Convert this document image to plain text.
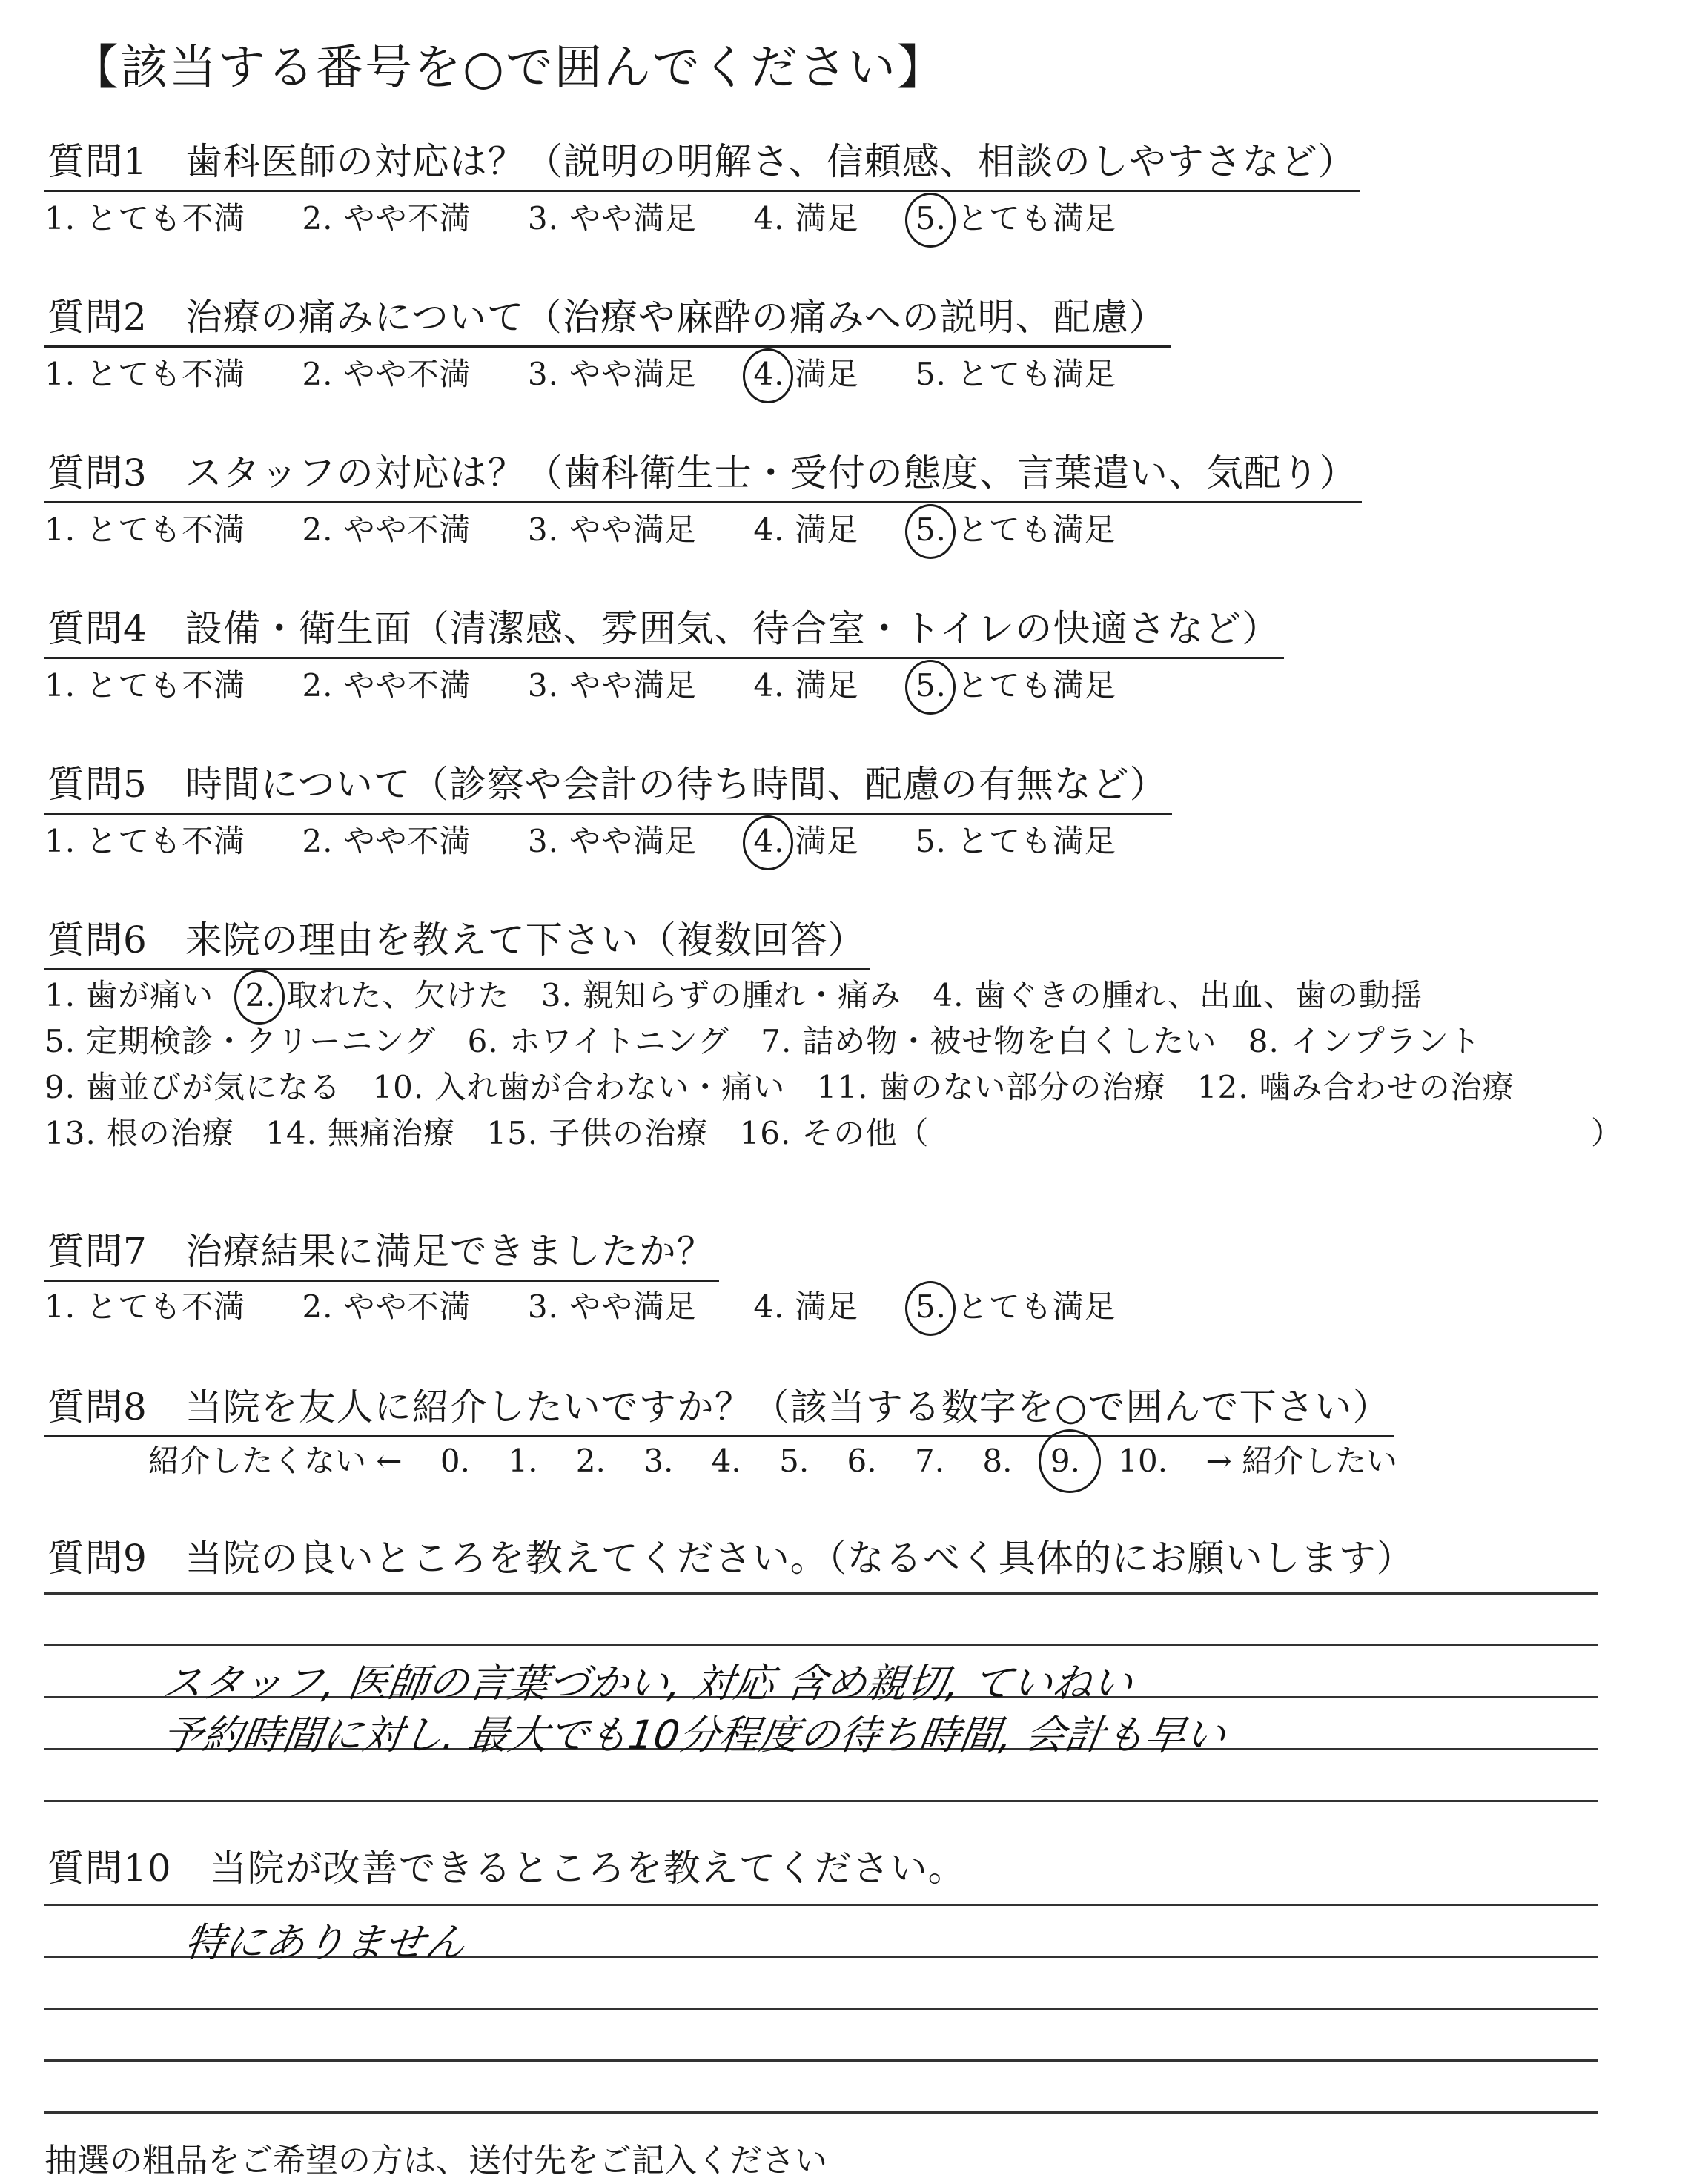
【該当する番号を○で囲んでください】
質問1　歯科医師の対応は？（説明の明解さ、信頼感、相談のしやすさなど）
1. とても不満 2. やや不満 3. やや満足 4. 満足 5. とても満足
質問2　治療の痛みについて（治療や麻酔の痛みへの説明、配慮）
1. とても不満 2. やや不満 3. やや満足 4. 満足 5. とても満足
質問3　スタッフの対応は？（歯科衛生士・受付の態度、言葉遣い、気配り）
1. とても不満 2. やや不満 3. やや満足 4. 満足 5. とても満足
質問4　設備・衛生面（清潔感、雰囲気、待合室・トイレの快適さなど）
1. とても不満 2. やや不満 3. やや満足 4. 満足 5. とても満足
質問5　時間について（診察や会計の待ち時間、配慮の有無など）
1. とても不満 2. やや不満 3. やや満足 4. 満足 5. とても満足
質問6　来院の理由を教えて下さい（複数回答）
1. 歯が痛い 2. 取れた、欠けた 3. 親知らずの腫れ・痛み 4. 歯ぐきの腫れ、出血、歯の動揺
5. 定期検診・クリーニング 6. ホワイトニング 7. 詰め物・被せ物を白くしたい 8. インプラント
9. 歯並びが気になる 10. 入れ歯が合わない・痛い 11. 歯のない部分の治療 12. 噛み合わせの治療
13. 根の治療 14. 無痛治療 15. 子供の治療 16. その他（	）
質問7　治療結果に満足できましたか？
1. とても不満 2. やや不満 3. やや満足 4. 満足 5. とても満足
質問8　当院を友人に紹介したいですか？（該当する数字を○で囲んで下さい）
紹介したくない ← 0. 1. 2. 3. 4. 5. 6. 7. 8. 9. 10. → 紹介したい
質問9　当院の良いところを教えてください。（なるべく具体的にお願いします）
スタッフ, 医師の言葉づかい, 対応 含め親切, ていねい
予約時間に対し. 最大でも10分程度の待ち時間, 会計も早い
質問10　当院が改善できるところを教えてください。
特にありません
抽選の粗品をご希望の方は、送付先をご記入ください
